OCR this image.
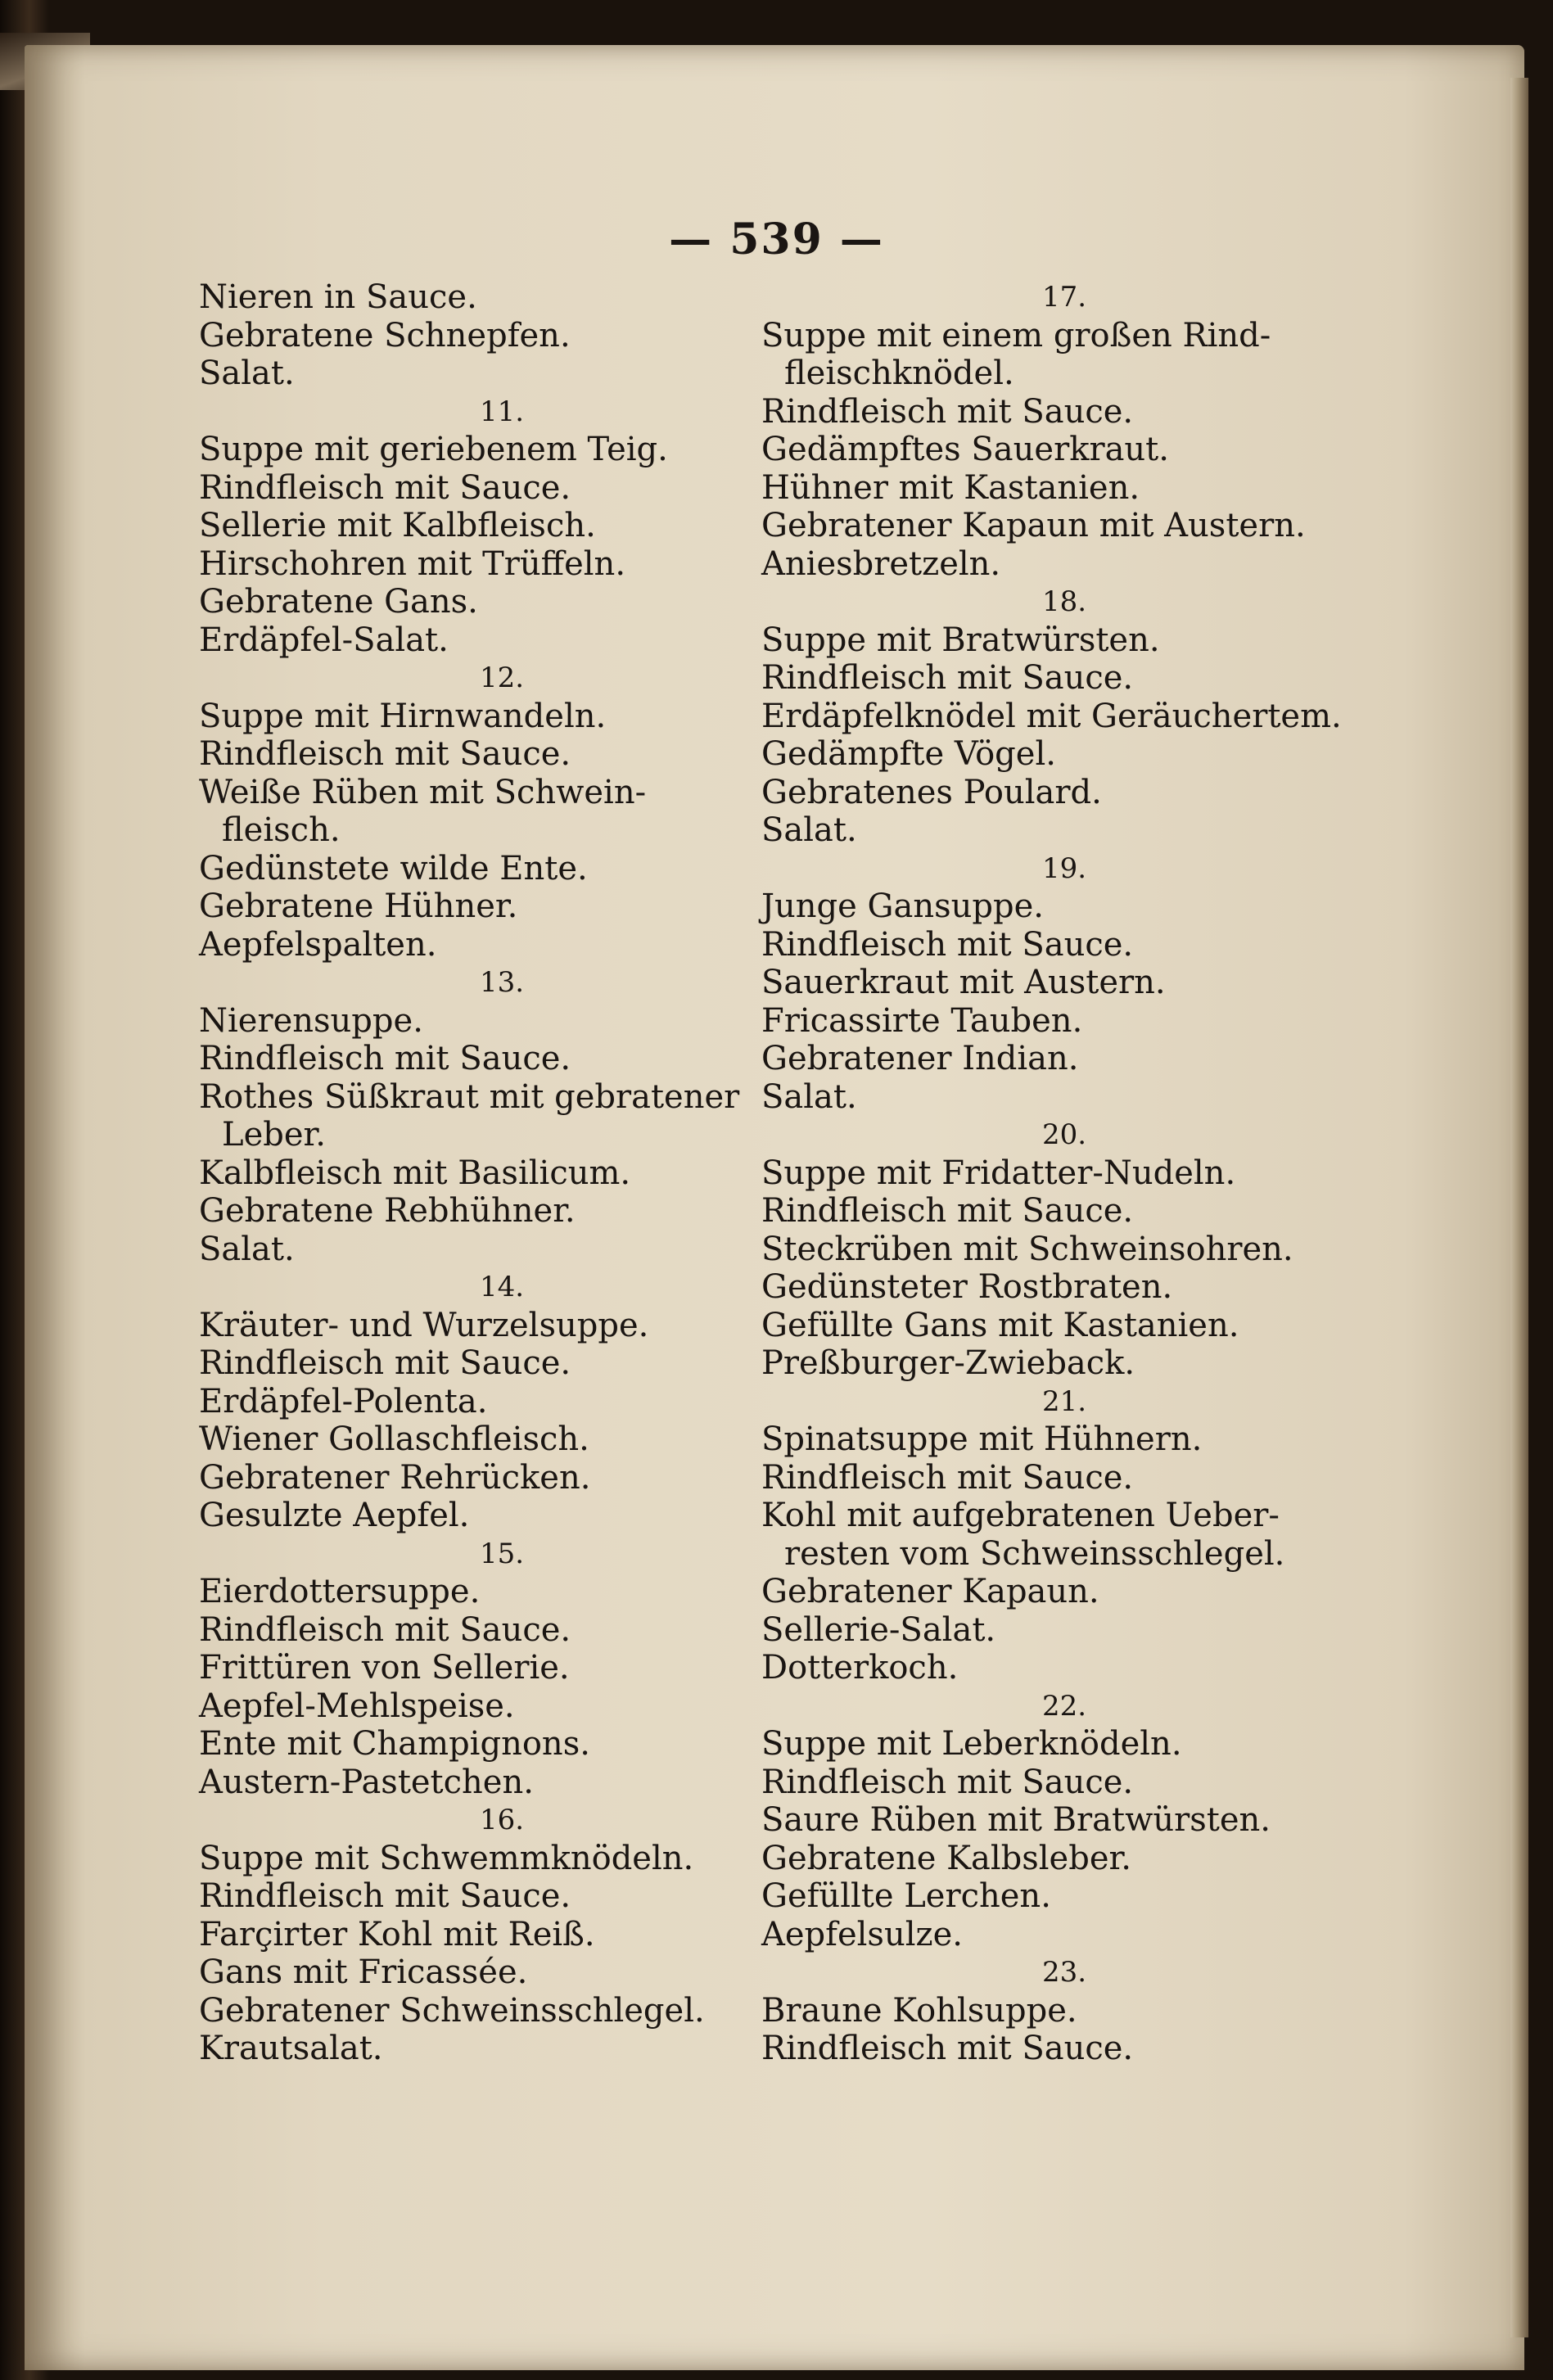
— 539 —
Nieren in Sauce.
Gebratene Schnepfen.
Salat.
11.
Suppe mit geriebenem Teig.
Rindfleisch mit Sauce.
Sellerie mit Kalbfleisch.
Hirschohren mit Trüffeln.
Gebratene Gans.
Erdäpfel-Salat.
12.
Suppe mit Hirnwandeln.
Rindfleisch mit Sauce.
Weiße Rüben mit Schwein-
fleisch.
Gedünstete wilde Ente.
Gebratene Hühner.
Aepfelspalten.
13.
Nierensuppe.
Rindfleisch mit Sauce.
Rothes Süßkraut mit gebratener
Leber.
Kalbfleisch mit Basilicum.
Gebratene Rebhühner.
Salat.
14.
Kräuter- und Wurzelsuppe.
Rindfleisch mit Sauce.
Erdäpfel-Polenta.
Wiener Gollaschfleisch.
Gebratener Rehrücken.
Gesulzte Aepfel.
15.
Eierdottersuppe.
Rindfleisch mit Sauce.
Frittüren von Sellerie.
Aepfel-Mehlspeise.
Ente mit Champignons.
Austern-Pastetchen.
16.
Suppe mit Schwemmknödeln.
Rindfleisch mit Sauce.
Farçirter Kohl mit Reiß.
Gans mit Fricassée.
Gebratener Schweinsschlegel.
Krautsalat.
17.
Suppe mit einem großen Rind-
fleischknödel.
Rindfleisch mit Sauce.
Gedämpftes Sauerkraut.
Hühner mit Kastanien.
Gebratener Kapaun mit Austern.
Aniesbretzeln.
18.
Suppe mit Bratwürsten.
Rindfleisch mit Sauce.
Erdäpfelknödel mit Geräuchertem.
Gedämpfte Vögel.
Gebratenes Poulard.
Salat.
19.
Junge Gansuppe.
Rindfleisch mit Sauce.
Sauerkraut mit Austern.
Fricassirte Tauben.
Gebratener Indian.
Salat.
20.
Suppe mit Fridatter-Nudeln.
Rindfleisch mit Sauce.
Steckrüben mit Schweinsohren.
Gedünsteter Rostbraten.
Gefüllte Gans mit Kastanien.
Preßburger-Zwieback.
21.
Spinatsuppe mit Hühnern.
Rindfleisch mit Sauce.
Kohl mit aufgebratenen Ueber-
resten vom Schweinsschlegel.
Gebratener Kapaun.
Sellerie-Salat.
Dotterkoch.
22.
Suppe mit Leberknödeln.
Rindfleisch mit Sauce.
Saure Rüben mit Bratwürsten.
Gebratene Kalbsleber.
Gefüllte Lerchen.
Aepfelsulze.
23.
Braune Kohlsuppe.
Rindfleisch mit Sauce.
